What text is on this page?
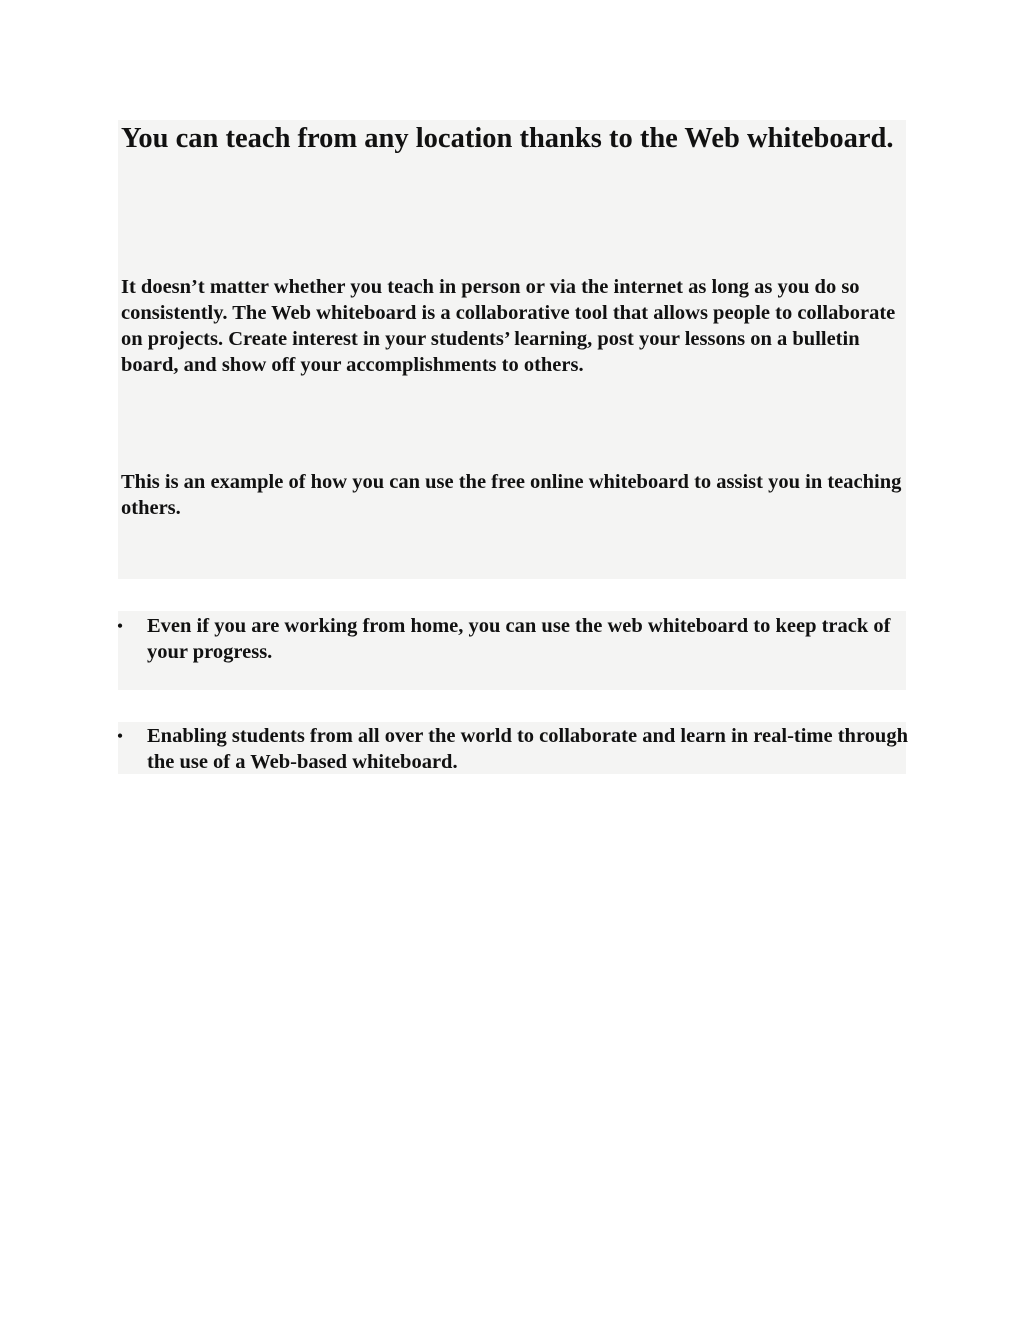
You can teach from any location thanks to the Web whiteboard.

It doesn’t matter whether you teach in person or via the internet as long as you do so consistently. The Web whiteboard is a collaborative tool that allows people to collaborate on projects. Create interest in your students’ learning, post your lessons on a bulletin board, and show off your accomplishments to others.

This is an example of how you can use the free online whiteboard to assist you in teaching others.

• Even if you are working from home, you can use the web whiteboard to keep track of your progress.

• Enabling students from all over the world to collaborate and learn in real-time through the use of a Web-based whiteboard.
